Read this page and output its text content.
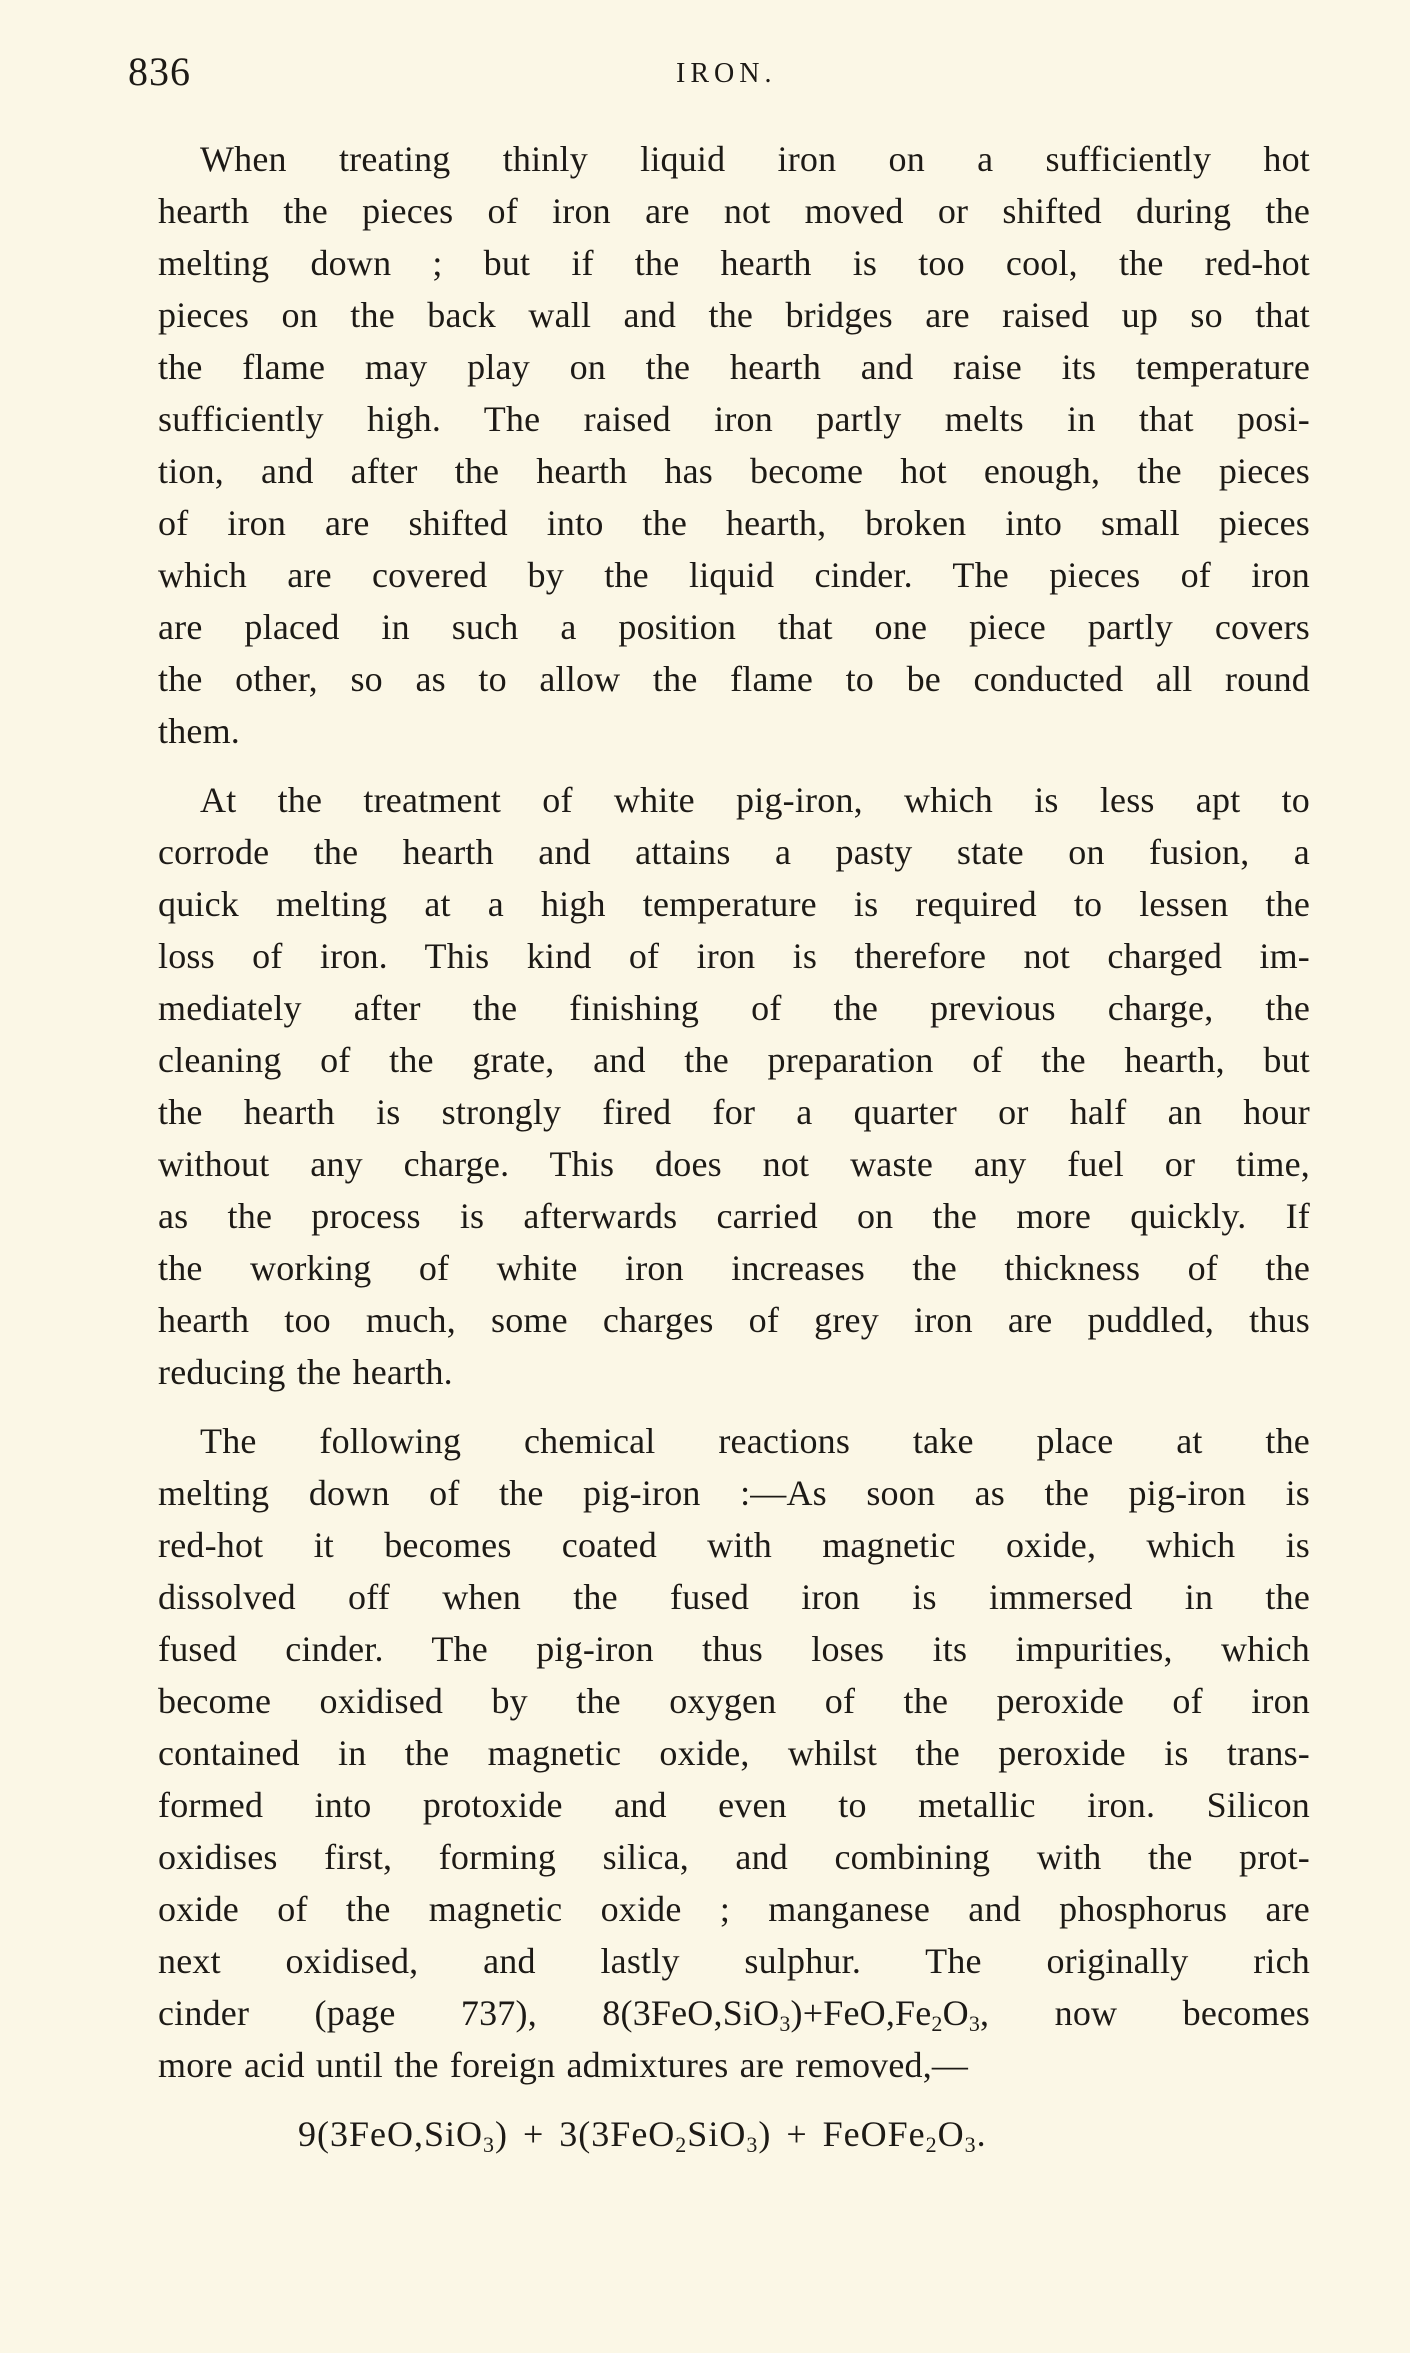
836	IRON.
When treating thinly liquid iron on a sufficiently hot
hearth the pieces of iron are not moved or shifted during the
melting down ; but if the hearth is too cool, the red-hot
pieces on the back wall and the bridges are raised up so that
the flame may play on the hearth and raise its temperature
sufficiently high. The raised iron partly melts in that posi-
tion, and after the hearth has become hot enough, the pieces
of iron are shifted into the hearth, broken into small pieces
which are covered by the liquid cinder. The pieces of iron
are placed in such a position that one piece partly covers
the other, so as to allow the flame to be conducted all round
them.
At the treatment of white pig-iron, which is less apt to
corrode the hearth and attains a pasty state on fusion, a
quick melting at a high temperature is required to lessen the
loss of iron. This kind of iron is therefore not charged im-
mediately after the finishing of the previous charge, the
cleaning of the grate, and the preparation of the hearth, but
the hearth is strongly fired for a quarter or half an hour
without any charge. This does not waste any fuel or time,
as the process is afterwards carried on the more quickly. If
the working of white iron increases the thickness of the
hearth too much, some charges of grey iron are puddled, thus
reducing the hearth.
The following chemical reactions take place at the
melting down of the pig-iron :—As soon as the pig-iron is
red-hot it becomes coated with magnetic oxide, which is
dissolved off when the fused iron is immersed in the
fused cinder. The pig-iron thus loses its impurities, which
become oxidised by the oxygen of the peroxide of iron
contained in the magnetic oxide, whilst the peroxide is trans-
formed into protoxide and even to metallic iron. Silicon
oxidises first, forming silica, and combining with the prot-
oxide of the magnetic oxide ; manganese and phosphorus are
next oxidised, and lastly sulphur. The originally rich
cinder (page 737), $8(3FeO,SiO_3)+FeO,Fe_2O_3$, now becomes
more acid until the foreign admixtures are removed,—
$9(3FeO,SiO_3) + 3(3FeO_2SiO_3) + FeOFe_2O_3$.
